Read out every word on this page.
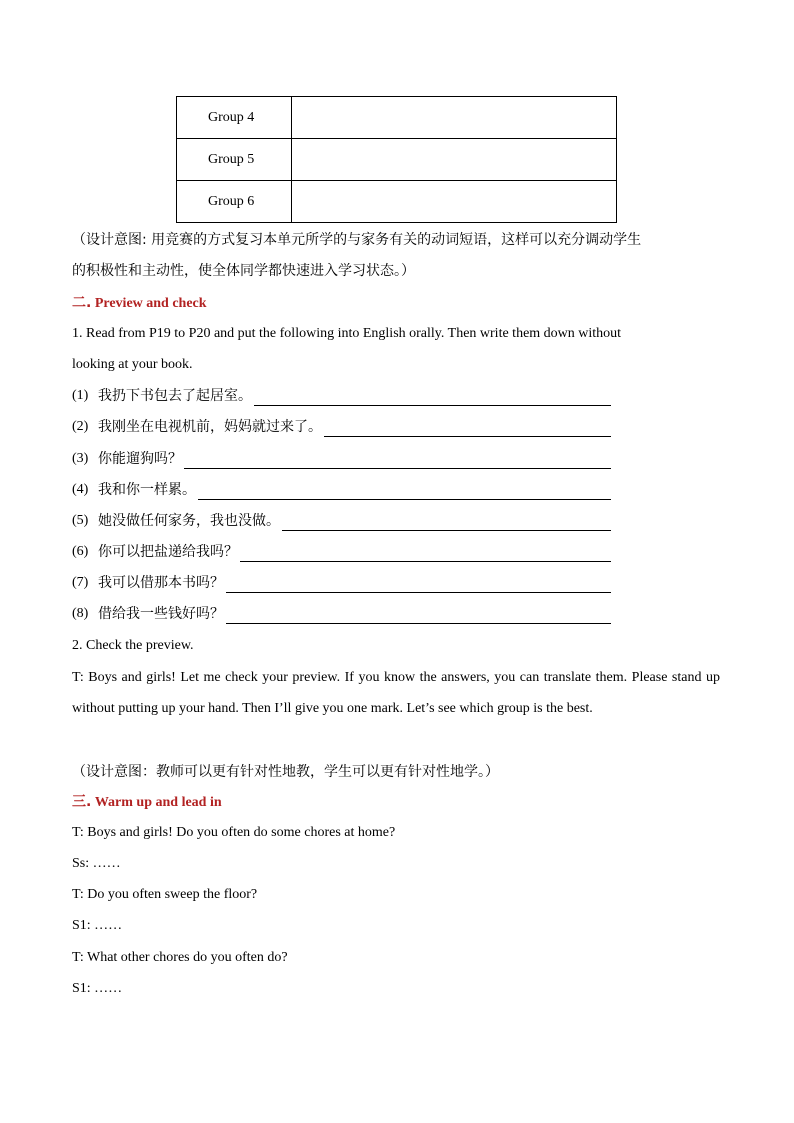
Group 4	
Group 5	
Group 6	
（设计意图: 用竞赛的方式复习本单元所学的与家务有关的动词短语，这样可以充分调动学生
的积极性和主动性，使全体同学都快速进入学习状态。）
二. Preview and check
1. Read from P19 to P20 and put the following into English orally. Then write them down without
looking at your book.
(1) 我扔下书包去了起居室。
(2) 我刚坐在电视机前，妈妈就过来了。
(3) 你能遛狗吗？
(4) 我和你一样累。
(5) 她没做任何家务，我也没做。
(6) 你可以把盐递给我吗？
(7) 我可以借那本书吗？
(8) 借给我一些钱好吗？
2. Check the preview.
T: Boys and girls! Let me check your preview. If you know the answers, you can translate them. Please stand up without putting up your hand. Then I’ll give you one mark. Let’s see which group is the best.
（设计意图：教师可以更有针对性地教，学生可以更有针对性地学。）
三. Warm up and lead in
T: Boys and girls! Do you often do some chores at home?
Ss: ……
T: Do you often sweep the floor?
S1: ……
T: What other chores do you often do?
S1: ……
